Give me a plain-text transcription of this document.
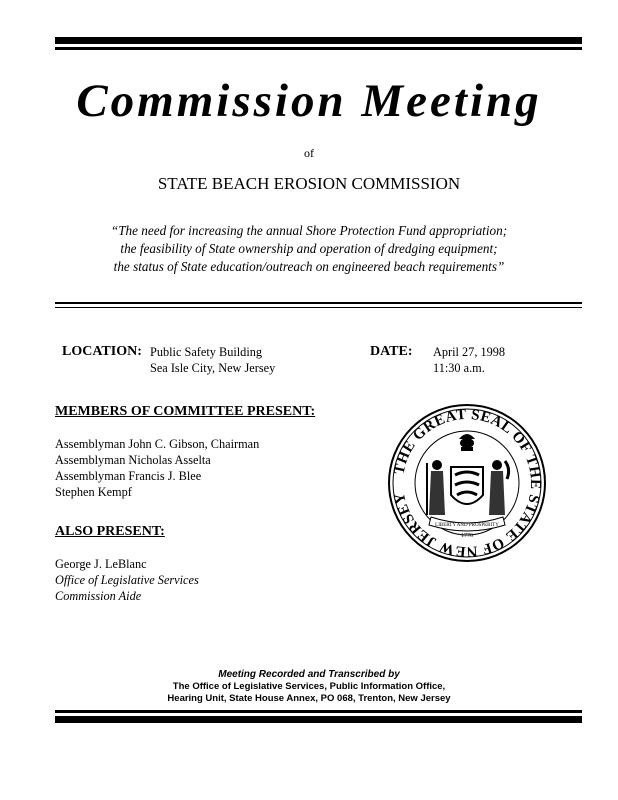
Commission Meeting
of
STATE BEACH EROSION COMMISSION
“The need for increasing the annual Shore Protection Fund appropriation;
the feasibility of State ownership and operation of dredging equipment;
the status of State education/outreach on engineered beach requirements”
LOCATION: Public Safety Building
Sea Isle City, New Jersey
DATE: April 27, 1998
11:30 a.m.
MEMBERS OF COMMITTEE PRESENT:
Assemblyman John C. Gibson, Chairman
Assemblyman Nicholas Asselta
Assemblyman Francis J. Blee
Stephen Kempf
ALSO PRESENT:
George J. LeBlanc
Office of Legislative Services
Commission Aide
THE GREAT SEAL OF THE STATE OF NEW JERSEY
LIBERTY AND PROSPERITY
1776
Meeting Recorded and Transcribed by
The Office of Legislative Services, Public Information Office,
Hearing Unit, State House Annex, PO 068, Trenton, New Jersey
